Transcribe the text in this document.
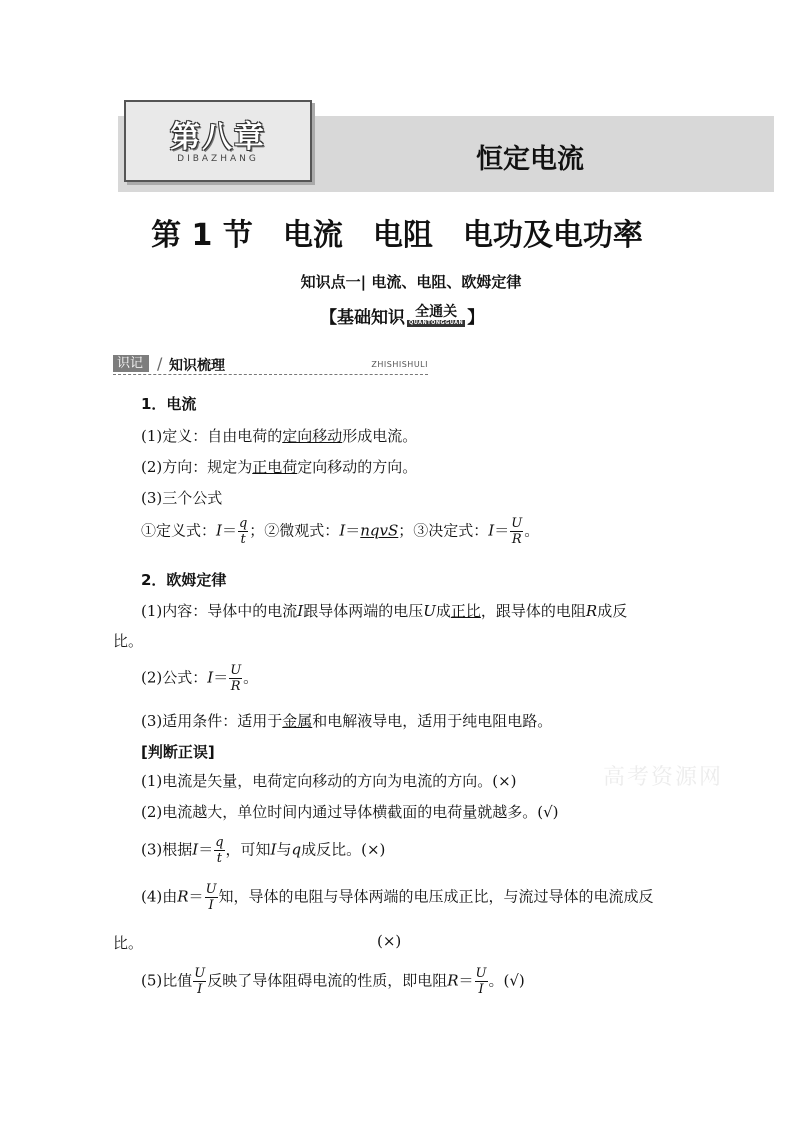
第八章
DIBAZHANG	恒定电流
第 1 节　电流　电阻　电功及电功率
知识点一| 电流、电阻、欧姆定律
【 基础知识 全通关
QUANTONGGUAN 】
识记 / 知识梳理	ZHISHISHULI
1．电流
(1)定义：自由电荷的定向移动形成电流。
(2)方向：规定为正电荷定向移动的方向。
(3)三个公式
①定义式：$I= \frac{q}{t}$ ；②微观式：I＝nqvS；③决定式：$I= \frac{U}{R}$ 。
2．欧姆定律
(1)内容：导体中的电流I跟导体两端的电压U成正比，跟导体的电阻R成反
比。
(2)公式：$I= \frac{U}{R}$ 。
(3)适用条件：适用于金属和电解液导电，适用于纯电阻电路。
[判断正误]
(1)电流是矢量，电荷定向移动的方向为电流的方向。(×)
(2)电流越大，单位时间内通过导体横截面的电荷量就越多。(√)
(3)根据$I= \frac{q}{t}$ ，可知I与q成反比。(×)
(4)由$R= \frac{U}{I}$ 知，导体的电阻与导体两端的电压成正比，与流过导体的电流成反
比。	(×)
(5)比值 $\frac{U}{I}$ 反映了导体阻碍电流的性质，即电阻$R= \frac{U}{I}$ 。(√)
高考资源网
